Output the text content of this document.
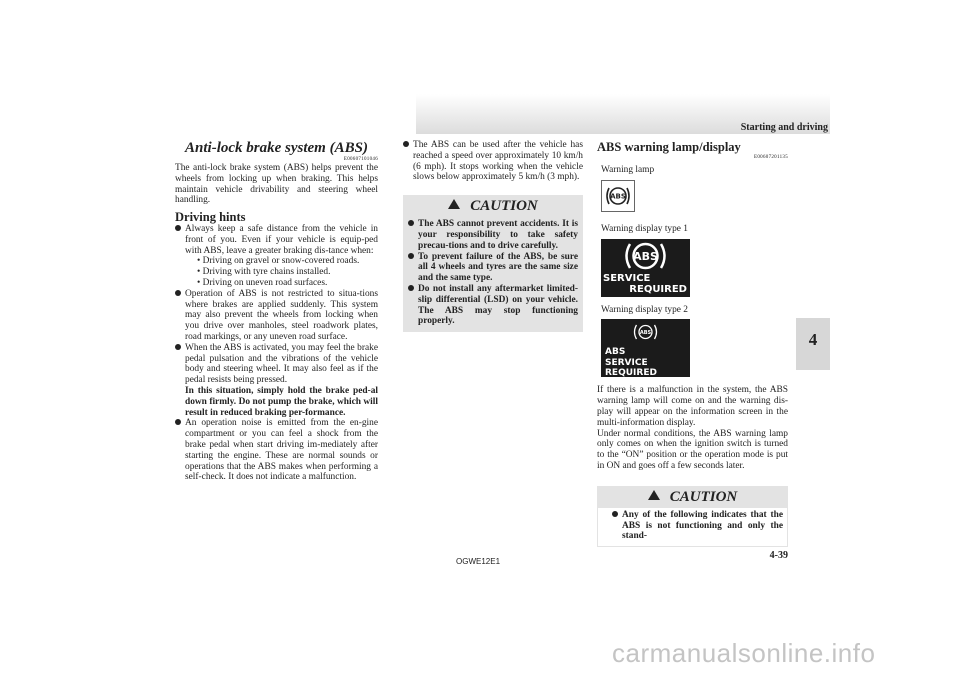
Starting and driving
4
Anti-lock brake system (ABS)
E00607101046

The anti-lock brake system (ABS) helps prevent the wheels from locking up when braking. This helps maintain vehicle drivability and steering wheel handling.

Driving hints

Always keep a safe distance from the vehicle in front of you. Even if your vehicle is equip-ped with ABS, leave a greater braking dis-tance when:

• Driving on gravel or snow-covered roads.
• Driving with tyre chains installed.
• Driving on uneven road surfaces.

Operation of ABS is not restricted to situa-tions where brakes are applied suddenly. This system may also prevent the wheels from locking when you drive over manholes, steel roadwork plates, road markings, or any uneven road surface.

When the ABS is activated, you may feel the brake pedal pulsation and the vibrations of the vehicle body and steering wheel. It may also feel as if the pedal resists being pressed.

In this situation, simply hold the brake ped-al down firmly. Do not pump the brake, which will result in reduced braking per-formance.

An operation noise is emitted from the en-gine compartment or you can feel a shock from the brake pedal when start driving im-mediately after starting the engine. These are normal sounds or operations that the ABS makes when performing a self-check. It does not indicate a malfunction.

The ABS can be used after the vehicle has reached a speed over approximately 10 km/h (6 mph). It stops working when the vehicle slows below approximately 5 km/h (3 mph).

CAUTION

The ABS cannot prevent accidents. It is your responsibility to take safety precau-tions and to drive carefully.

To prevent failure of the ABS, be sure all 4 wheels and tyres are the same size and the same type.

Do not install any aftermarket limited-slip differential (LSD) on your vehicle. The ABS may stop functioning properly.

ABS warning lamp/display
E00607201135
Warning lamp
ABS
Warning display type 1
ABS
SERVICE
REQUIRED
Warning display type 2
ABS
ABS
SERVICE REQUIRED

If there is a malfunction in the system, the ABS warning lamp will come on and the warning dis-play will appear on the information screen in the multi-information display.

Under normal conditions, the ABS warning lamp only comes on when the ignition switch is turned to the “ON” position or the operation mode is put in ON and goes off a few seconds later.

CAUTION

Any of the following indicates that the ABS is not functioning and only the stand-

OGWE12E1
4-39
carmanualsonline.info
